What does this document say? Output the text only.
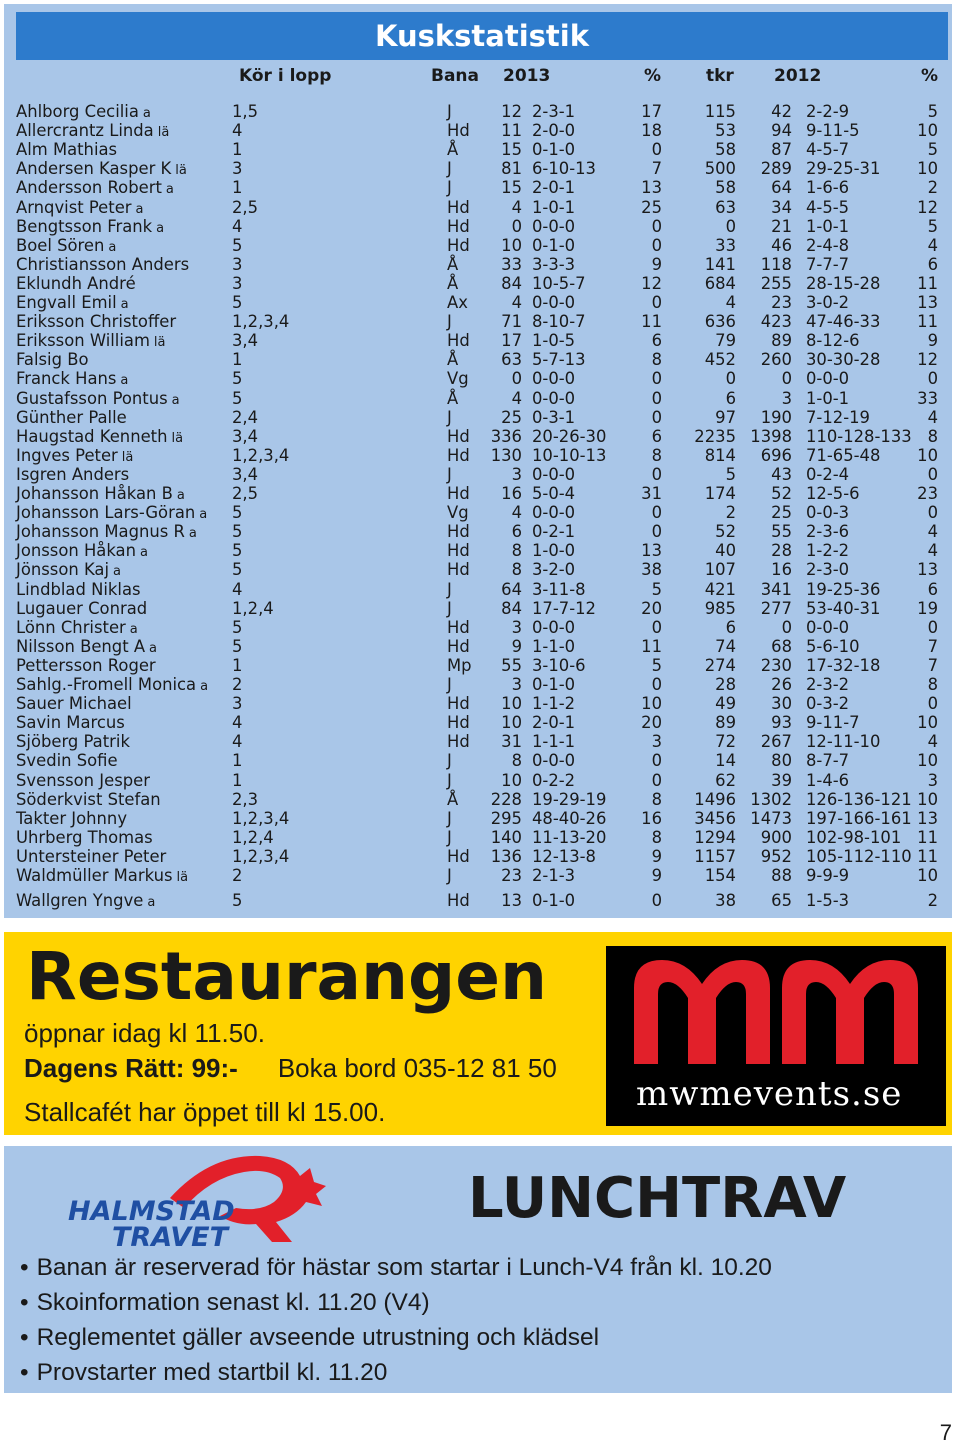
Kuskstatistik
Kör i lopp	Bana 2013	%	tkr 2012	%
Ahlborg Cecilia a	1,5	J	12 2-3-1	17	115 42 2-2-9	5
Allercrantz Linda lä	4	Hd 11 2-0-0	18	53 94 9-11-5	10
Alm Mathias	1	Å	15 0-1-0	0	58 87 4-5-7	5
Andersen Kasper K lä	3	J	81 6-10-13	7	500 289 29-25-31 10
Andersson Robert a	1	J	15 2-0-1	13	58 64 1-6-6	2
Arnqvist Peter a	2,5	Hd	4 1-0-1	25	63 34 4-5-5	12
Bengtsson Frank a	4	Hd	0 0-0-0	0	0 21 1-0-1	5
Boel Sören a	5	Hd 10 0-1-0	0	33 46 2-4-8	4
Christiansson Anders	3	Å	33 3-3-3	9	141 118 7-7-7	6
Eklundh André	3	Å	84 10-5-7	12	684 255 28-15-28 11
Engvall Emil a	5	Ax	4 0-0-0	0	4 23 3-0-2	13
Eriksson Christoffer	1,2,3,4	J	71 8-10-7	11	636 423 47-46-33 11
Eriksson William lä	3,4	Hd 17 1-0-5	6	79 89 8-12-6	9
Falsig Bo	1	Å	63 5-7-13	8	452 260 30-30-28 12
Franck Hans a	5	Vg	0 0-0-0	0	0	0 0-0-0	0
Gustafsson Pontus a	5	Å	4 0-0-0	0	6	3 1-0-1	33
Günther Palle	2,4	J	25 0-3-1	0	97 190 7-12-19	4
Haugstad Kenneth lä	3,4	Hd 336 20-26-30	6 2235 1398 110-128-133 8
Ingves Peter lä	1,2,3,4	Hd 130 10-10-13	8	814 696 71-65-48 10
Isgren Anders	3,4	J	3 0-0-0	0	5 43 0-2-4	0
Johansson Håkan B a	2,5	Hd 16 5-0-4	31	174 52 12-5-6	23
Johansson Lars-Göran a 5	Vg	4 0-0-0	0	2 25 0-0-3	0
Johansson Magnus R a 5	Hd	6 0-2-1	0	52 55 2-3-6	4
Jonsson Håkan a	5	Hd	8 1-0-0	13	40 28 1-2-2	4
Jönsson Kaj a	5	Hd	8 3-2-0	38	107 16 2-3-0	13
Lindblad Niklas	4	J	64 3-11-8	5	421 341 19-25-36	6
Lugauer Conrad	1,2,4	J	84 17-7-12	20	985 277 53-40-31 19
Lönn Christer a	5	Hd	3 0-0-0	0	6	0 0-0-0	0
Nilsson Bengt A a	5	Hd	9 1-1-0	11	74 68 5-6-10	7
Pettersson Roger	1	Mp 55 3-10-6	5	274 230 17-32-18	7
Sahlg.-Fromell Monica a 2	J	3 0-1-0	0	28 26 2-3-2	8
Sauer Michael	3	Hd 10 1-1-2	10	49 30 0-3-2	0
Savin Marcus	4	Hd 10 2-0-1	20	89 93 9-11-7	10
Sjöberg Patrik	4	Hd 31 1-1-1	3	72 267 12-11-10	4
Svedin Sofie	1	J	8 0-0-0	0	14 80 8-7-7	10
Svensson Jesper	1	J	10 0-2-2	0	62 39 1-4-6	3
Söderkvist Stefan	2,3	Å 228 19-29-19	8 1496 1302 126-136-121 10
Takter Johnny	1,2,3,4	J 295 48-40-26 16 3456 1473 197-166-161 13
Uhrberg Thomas	1,2,4	J 140 11-13-20	8 1294 900 102-98-101 11
Untersteiner Peter	1,2,3,4	Hd 136 12-13-8	9 1157 952 105-112-110 11
Waldmüller Markus lä	2	J	23 2-1-3	9	154 88 9-9-9	10
Wallgren Yngve a	5	Hd 13 0-1-0	0	38 65 1-5-3	2
Restaurangen
öppnar idag kl 11.50.
Dagens Rätt: 99:- Boka bord 035-12 81 50
Stallcafét har öppet till kl 15.00.	mwmevents.se
HALMSTAD
TRAVET
LUNCHTRAV
• Banan är reserverad för hästar som startar i Lunch-V4 från kl. 10.20
• Skoinformation senast kl. 11.20 (V4)
• Reglementet gäller avseende utrustning och klädsel
• Provstarter med startbil kl. 11.20
7
